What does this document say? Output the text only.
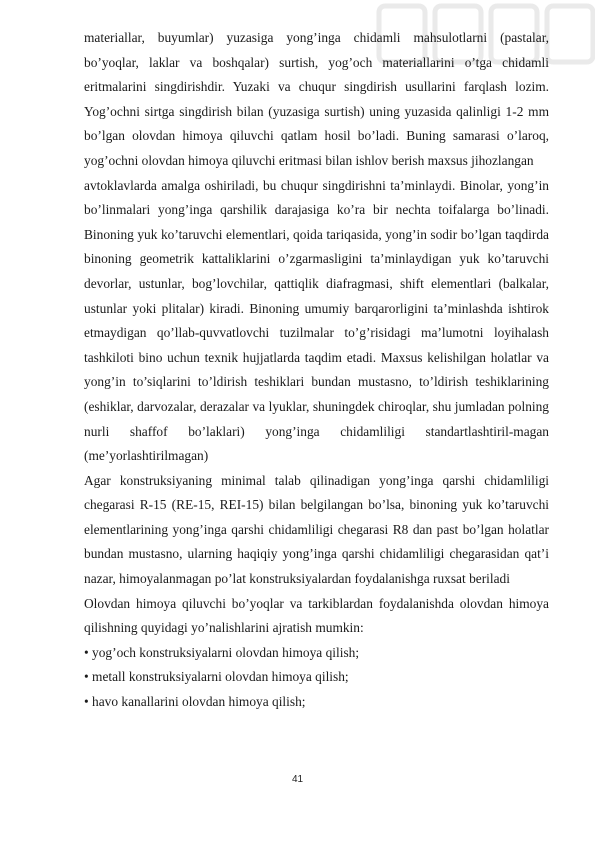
materiallar, buyumlar) yuzasiga yong’inga chidamli mahsulotlarni (pastalar, bo’yoqlar, laklar va boshqalar) surtish, yog’och materiallarini o’tga chidamli eritmalarini singdirishdir. Yuzaki va chuqur singdirish usullarini farqlash lozim. Yog’ochni sirtga singdirish bilan (yuzasiga surtish) uning yuzasida qalinligi 1-2 mm bo’lgan olovdan himoya qiluvchi qatlam hosil bo’ladi. Buning samarasi o’laroq, yog’ochni olovdan himoya qiluvchi eritmasi bilan ishlov berish maxsus jihozlangan

avtoklavlarda amalga oshiriladi, bu chuqur singdirishni ta’minlaydi. Binolar, yong’in bo’linmalari yong’inga qarshilik darajasiga ko’ra bir nechta toifalarga bo’linadi. Binoning yuk ko’taruvchi elementlari, qoida tariqasida, yong’in sodir bo’lgan taqdirda binoning geometrik kattaliklarini o’zgarmasligini ta’minlaydigan yuk ko’taruvchi devorlar, ustunlar, bog’lovchilar, qattiqlik diafragmasi, shift elementlari (balkalar, ustunlar yoki plitalar) kiradi. Binoning umumiy barqarorligini ta’minlashda ishtirok etmaydigan qo’llab-quvvatlovchi tuzilmalar to’g’risidagi ma’lumotni loyihalash tashkiloti bino uchun texnik hujjatlarda taqdim etadi. Maxsus kelishilgan holatlar va yong’in to’siqlarini to’ldirish teshiklari bundan mustasno, to’ldirish teshiklarining (eshiklar, darvozalar, derazalar va lyuklar, shuningdek chiroqlar, shu jumladan polning nurli shaffof bo’laklari) yong’inga chidamliligi standartlashtiril-magan (me’yorlashtirilmagan)

Agar konstruksiyaning minimal talab qilinadigan yong’inga qarshi chidamliligi chegarasi R-15 (RE-15, REI-15) bilan belgilangan bo’lsa, binoning yuk ko’taruvchi elementlarining yong’inga qarshi chidamliligi chegarasi R8 dan past bo’lgan holatlar bundan mustasno, ularning haqiqiy yong’inga qarshi chidamliligi chegarasidan qat’i nazar, himoyalanmagan po’lat konstruksiyalardan foydalanishga ruxsat beriladi

Olovdan himoya qiluvchi bo’yoqlar va tarkiblardan foydalanishda olovdan himoya qilishning quyidagi yo’nalishlarini ajratish mumkin:

• yog’och konstruksiyalarni olovdan himoya qilish;

• metall konstruksiyalarni olovdan himoya qilish;

• havo kanallarini olovdan himoya qilish;

41
